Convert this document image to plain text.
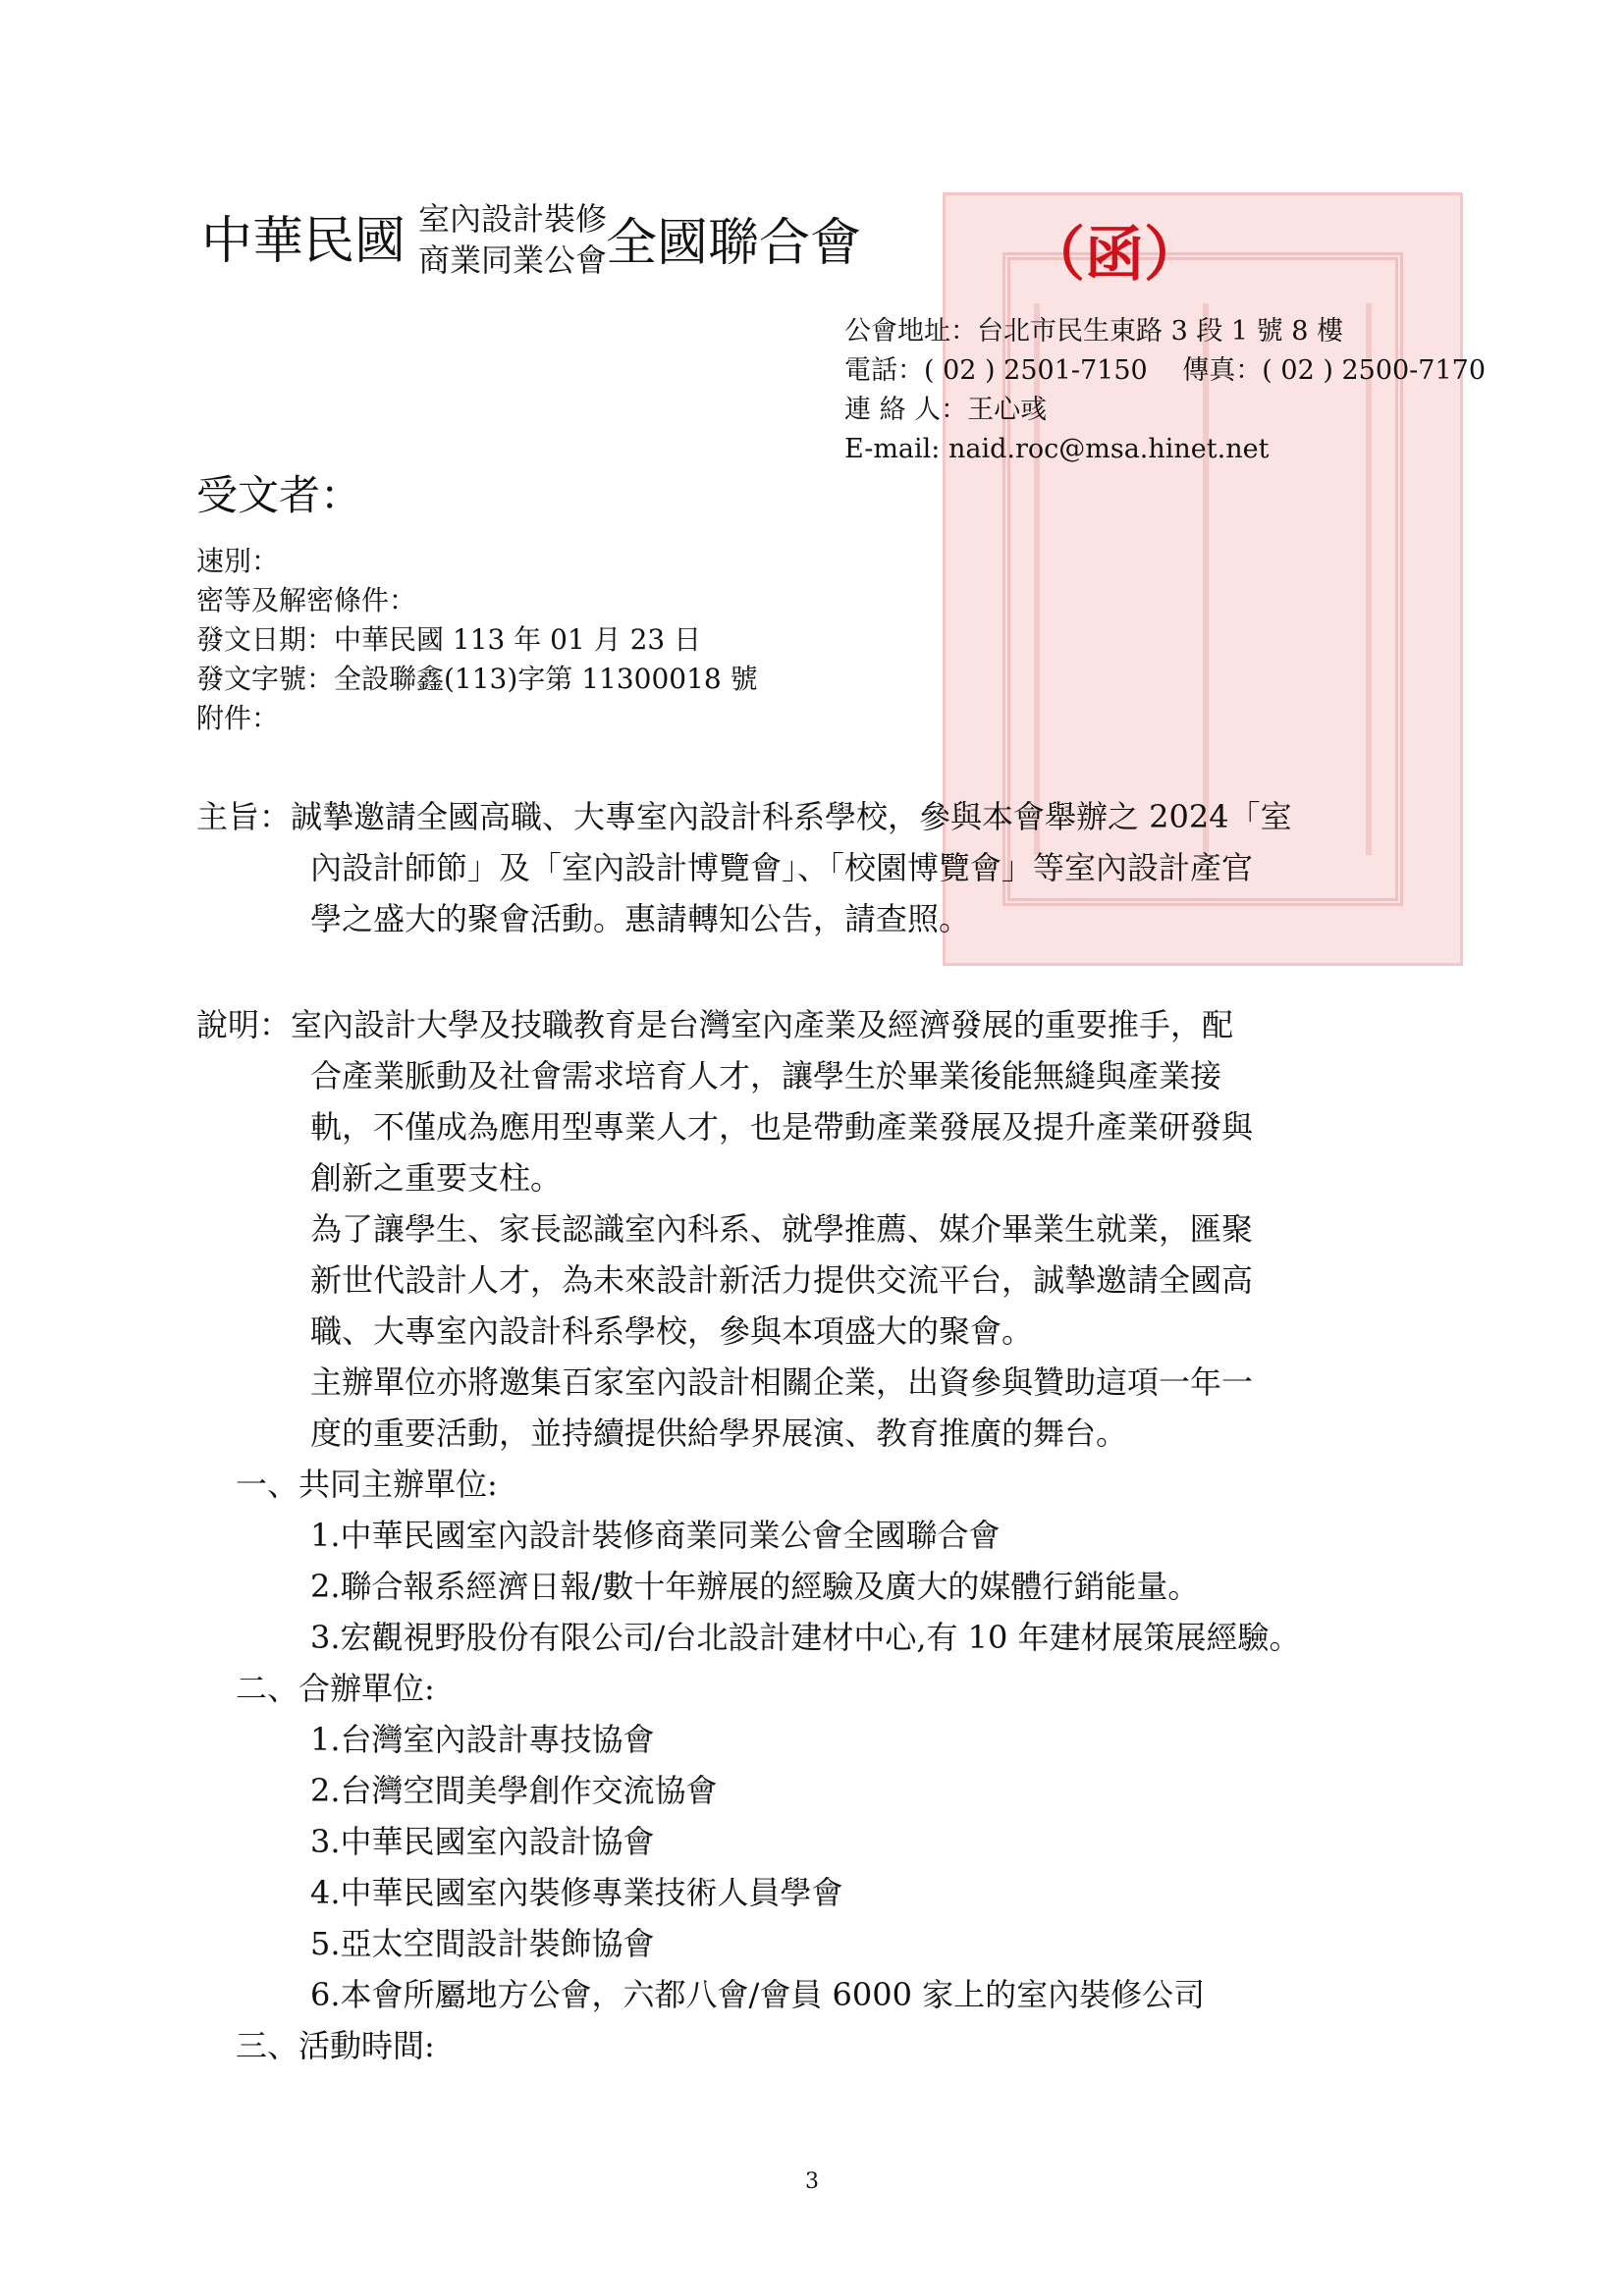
中華民國 室內設計裝修
商業同業公會
全國聯合會	（函）
公會地址：台北市民生東路 3 段 1 號 8 樓
電話：( 02 ) 2501-7150　 傳真：( 02 ) 2500-7170
連 絡 人：王心彧
E-mail: naid.roc@msa.hinet.net
受文者：
速別：
密等及解密條件：
發文日期：中華民國 113 年 01 月 23 日
發文字號：全設聯鑫(113)字第 11300018 號
附件：
主旨：誠摯邀請全國高職、大專室內設計科系學校，參與本會舉辦之 2024「室
內設計師節」及「室內設計博覽會」、「校園博覽會」等室內設計產官
學之盛大的聚會活動。惠請轉知公告，請查照。
說明：室內設計大學及技職教育是台灣室內產業及經濟發展的重要推手，配
合產業脈動及社會需求培育人才，讓學生於畢業後能無縫與產業接
軌，不僅成為應用型專業人才，也是帶動產業發展及提升產業研發與
創新之重要支柱。
為了讓學生、家長認識室內科系、就學推薦、媒介畢業生就業，匯聚
新世代設計人才，為未來設計新活力提供交流平台，誠摯邀請全國高
職、大專室內設計科系學校，參與本項盛大的聚會。
主辦單位亦將邀集百家室內設計相關企業，出資參與贊助這項一年一
度的重要活動，並持續提供給學界展演、教育推廣的舞台。
一、共同主辦單位:
1.中華民國室內設計裝修商業同業公會全國聯合會
2.聯合報系經濟日報/數十年辦展的經驗及廣大的媒體行銷能量。
3.宏觀視野股份有限公司/台北設計建材中心,有 10 年建材展策展經驗。
二、合辦單位:
1.台灣室內設計專技協會
2.台灣空間美學創作交流協會
3.中華民國室內設計協會
4.中華民國室內裝修專業技術人員學會
5.亞太空間設計裝飾協會
6.本會所屬地方公會，六都八會/會員 6000 家上的室內裝修公司
三、活動時間:
3
